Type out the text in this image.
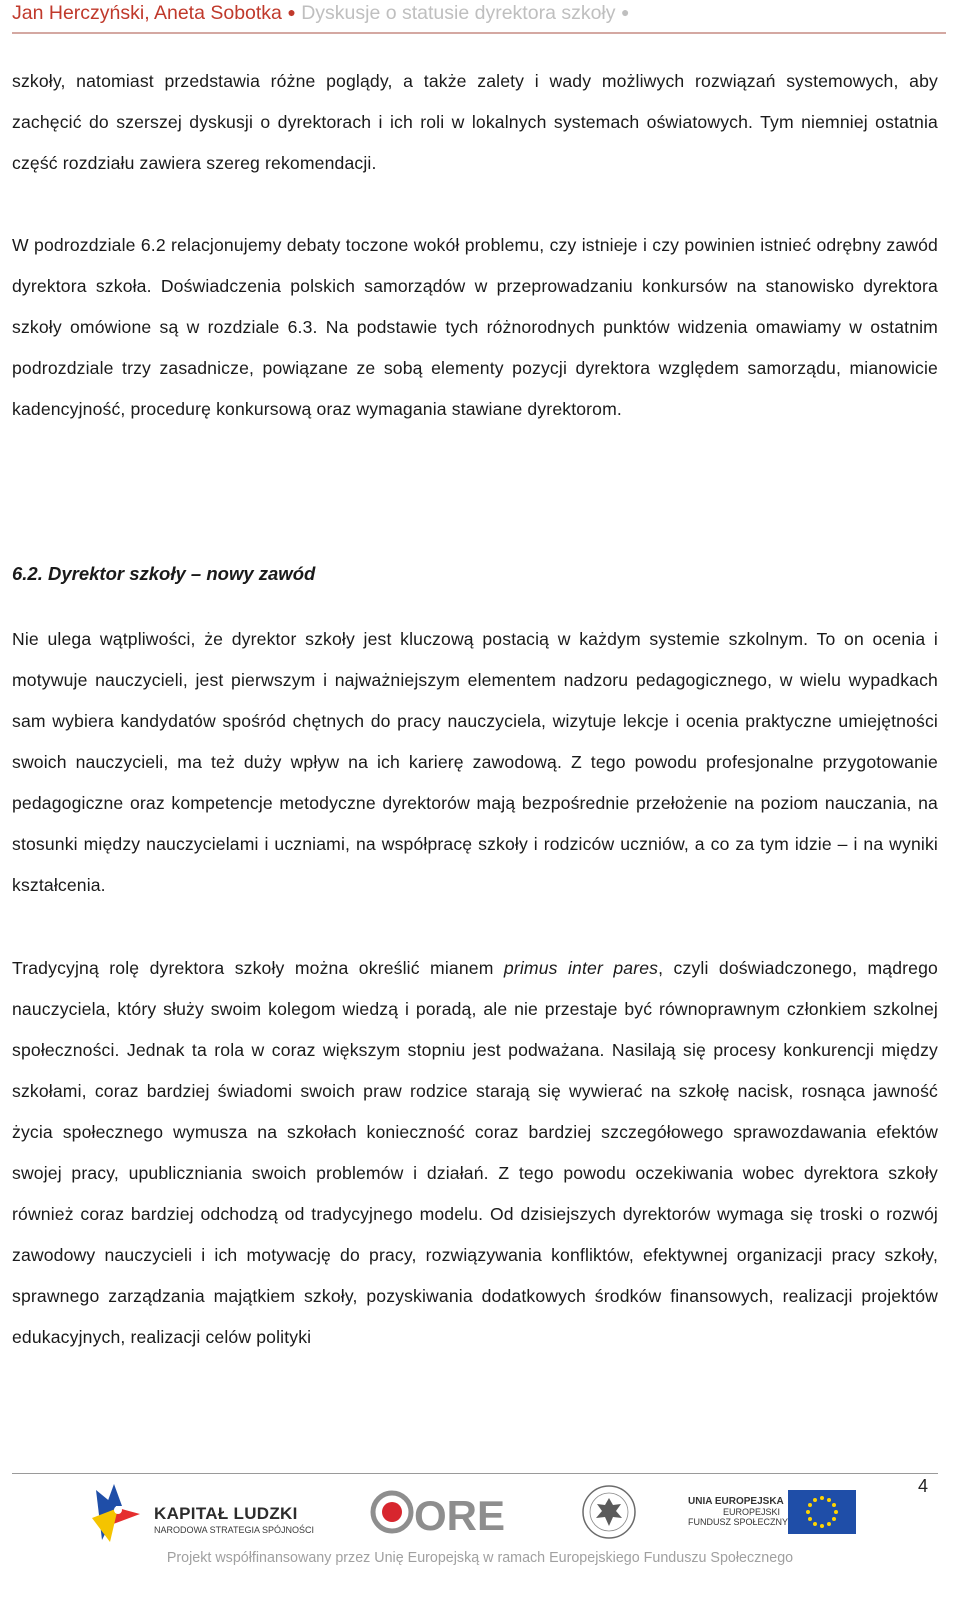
Jan Herczyński, Aneta Sobotka ● Dyskusje o statusie dyrektora szkoły ●

szkoły, natomiast przedstawia różne poglądy, a także zalety i wady możliwych rozwiązań systemowych, aby zachęcić do szerszej dyskusji o dyrektorach i ich roli w lokalnych systemach oświatowych. Tym niemniej ostatnia część rozdziału zawiera szereg rekomendacji.

W podrozdziale 6.2 relacjonujemy debaty toczone wokół problemu, czy istnieje i czy powinien istnieć odrębny zawód dyrektora szkoła. Doświadczenia polskich samorządów w przeprowadzaniu konkursów na stanowisko dyrektora szkoły omówione są w rozdziale 6.3. Na podstawie tych różnorodnych punktów widzenia omawiamy w ostatnim podrozdziale trzy zasadnicze, powiązane ze sobą elementy pozycji dyrektora względem samorządu, mianowicie kadencyjność, procedurę konkursową oraz wymagania stawiane dyrektorom.

6.2. Dyrektor szkoły – nowy zawód

Nie ulega wątpliwości, że dyrektor szkoły jest kluczową postacią w każdym systemie szkolnym. To on ocenia i motywuje nauczycieli, jest pierwszym i najważniejszym elementem nadzoru pedagogicznego, w wielu wypadkach sam wybiera kandydatów spośród chętnych do pracy nauczyciela, wizytuje lekcje i ocenia praktyczne umiejętności swoich nauczycieli, ma też duży wpływ na ich karierę zawodową. Z tego powodu profesjonalne przygotowanie pedagogiczne oraz kompetencje metodyczne dyrektorów mają bezpośrednie przełożenie na poziom nauczania, na stosunki między nauczycielami i uczniami, na współpracę szkoły i rodziców uczniów, a co za tym idzie – i na wyniki kształcenia.

Tradycyjną rolę dyrektora szkoły można określić mianem primus inter pares, czyli doświadczonego, mądrego nauczyciela, który służy swoim kolegom wiedzą i poradą, ale nie przestaje być równoprawnym członkiem szkolnej społeczności. Jednak ta rola w coraz większym stopniu jest podważana. Nasilają się procesy konkurencji między szkołami, coraz bardziej świadomi swoich praw rodzice starają się wywierać na szkołę nacisk, rosnąca jawność życia społecznego wymusza na szkołach konieczność coraz bardziej szczegółowego sprawozdawania efektów swojej pracy, upubliczniania swoich problemów i działań. Z tego powodu oczekiwania wobec dyrektora szkoły również coraz bardziej odchodzą od tradycyjnego modelu. Od dzisiejszych dyrektorów wymaga się troski o rozwój zawodowy nauczycieli i ich motywację do pracy, rozwiązywania konfliktów, efektywnej organizacji pracy szkoły, sprawnego zarządzania majątkiem szkoły, pozyskiwania dodatkowych środków finansowych, realizacji projektów edukacyjnych, realizacji celów polityki

4
KAPITAŁ LUDZKI
NARODOWA STRATEGIA SPÓJNOŚCI ORE	UNIA EUROPEJSKA
EUROPEJSKI
FUNDUSZ SPOŁECZNY
Projekt współfinansowany przez Unię Europejską w ramach Europejskiego Funduszu Społecznego
